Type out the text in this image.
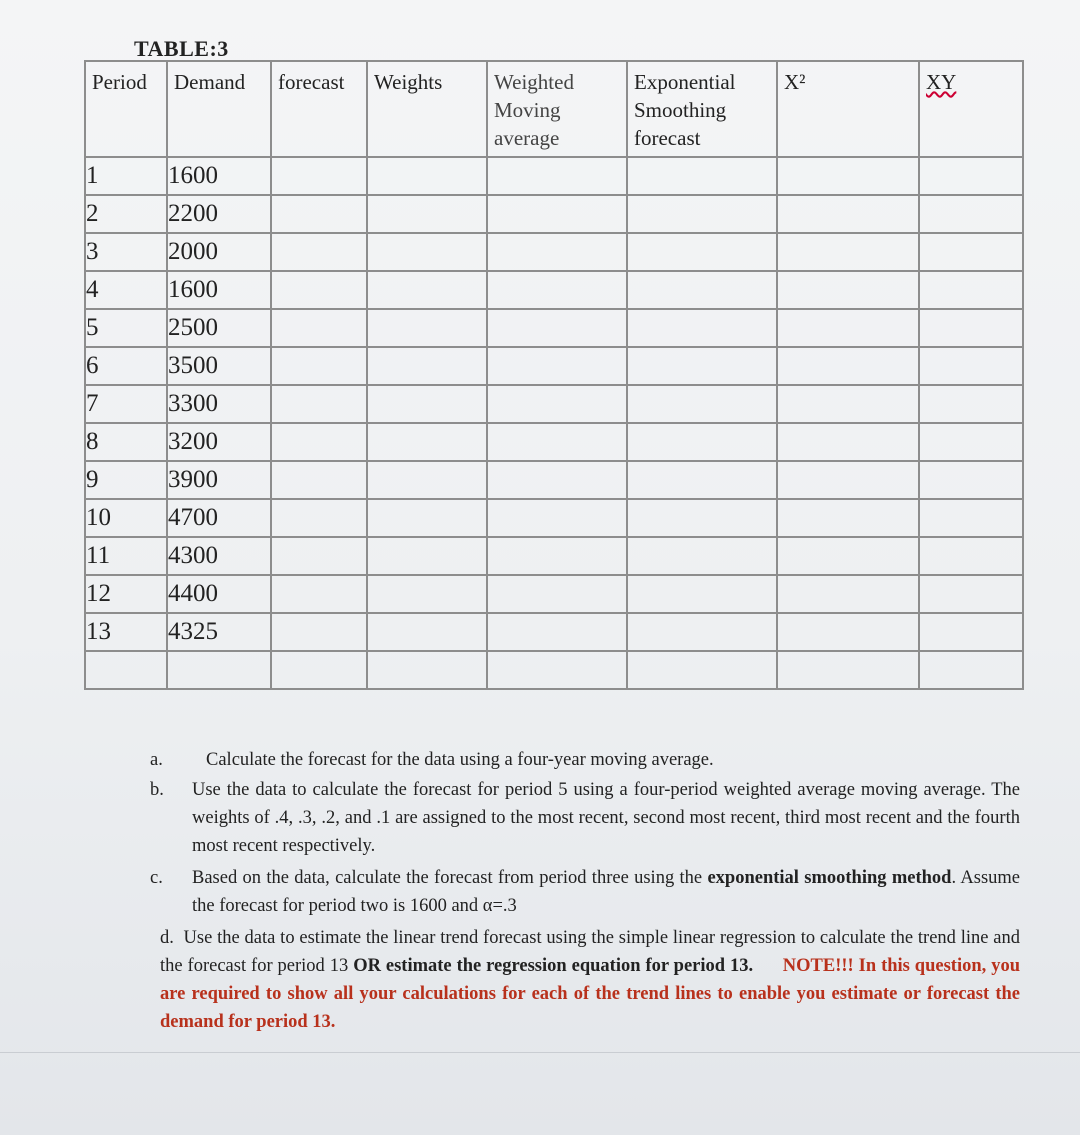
TABLE:3
Period	Demand	forecast	Weights	Weighted Moving average	Exponential Smoothing forecast	X²	XY
1	1600						
2	2200						
3	2000						
4	1600						
5	2500						
6	3500						
7	3300						
8	3200						
9	3900						
10	4700						
11	4300						
12	4400						
13	4325						

a. Calculate the forecast for the data using a four-year moving average.
b. Use the data to calculate the forecast for period 5 using a four-period weighted average moving average. The weights of .4, .3, .2, and .1 are assigned to the most recent, second most recent, third most recent and the fourth most recent respectively.
c. Based on the data, calculate the forecast from period three using the exponential smoothing method. Assume the forecast for period two is 1600 and α=.3
d. Use the data to estimate the linear trend forecast using the simple linear regression to calculate the trend line and the forecast for period 13 OR estimate the regression equation for period 13. NOTE!!! In this question, you are required to show all your calculations for each of the trend lines to enable you estimate or forecast the demand for period 13.
